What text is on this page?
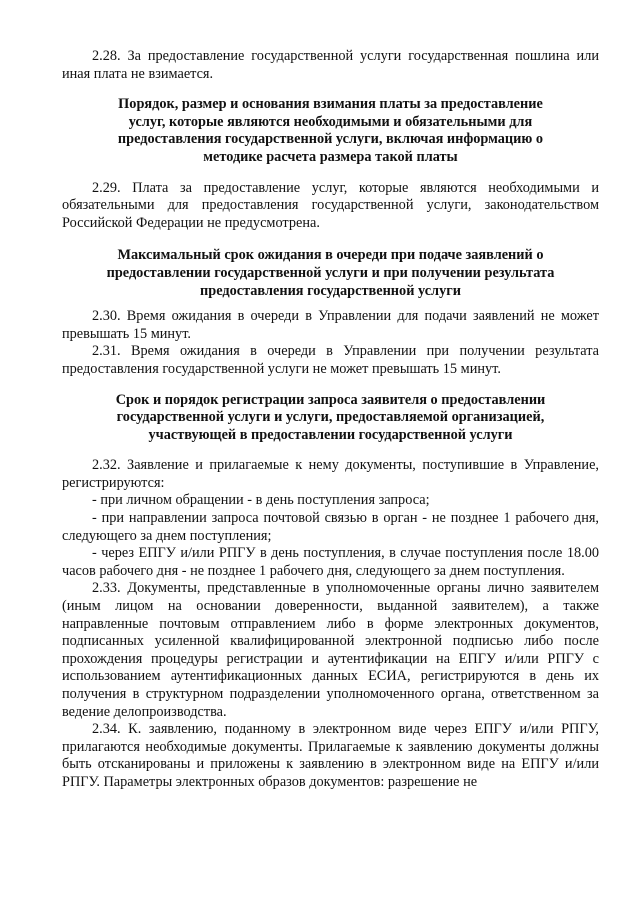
2.28. За предоставление государственной услуги государственная пошлина или иная плата не взимается.

Порядок, размер и основания взимания платы за предоставление услуг, которые являются необходимыми и обязательными для предоставления государственной услуги, включая информацию о методике расчета размера такой платы

2.29. Плата за предоставление услуг, которые являются необходимыми и обязательными для предоставления государственной услуги, законодательством Российской Федерации не предусмотрена.

Максимальный срок ожидания в очереди при подаче заявлений о предоставлении государственной услуги и при получении результата предоставления государственной услуги

2.30. Время ожидания в очереди в Управлении для подачи заявлений не может превышать 15 минут.

2.31. Время ожидания в очереди в Управлении при получении результата предоставления государственной услуги не может превышать 15 минут.

Срок и порядок регистрации запроса заявителя о предоставлении государственной услуги и услуги, предоставляемой организацией, участвующей в предоставлении государственной услуги

2.32. Заявление и прилагаемые к нему документы, поступившие в Управление, регистрируются:

- при личном обращении - в день поступления запроса;

- при направлении запроса почтовой связью в орган - не позднее 1 рабочего дня, следующего за днем поступления;

- через ЕПГУ и/или РПГУ в день поступления, в случае поступления после 18.00 часов рабочего дня - не позднее 1 рабочего дня, следующего за днем поступления.

2.33. Документы, представленные в уполномоченные органы лично заявителем (иным лицом на основании доверенности, выданной заявителем), а также направленные почтовым отправлением либо в форме электронных документов, подписанных усиленной квалифицированной электронной подписью либо после прохождения процедуры регистрации и аутентификации на ЕПГУ и/или РПГУ с использованием аутентификационных данных ЕСИА, регистрируются в день их получения в структурном подразделении уполномоченного органа, ответственном за ведение делопроизводства.

2.34. К. заявлению, поданному в электронном виде через ЕПГУ и/или РПГУ, прилагаются необходимые документы. Прилагаемые к заявлению документы должны быть отсканированы и приложены к заявлению в электронном виде на ЕПГУ и/или РПГУ. Параметры электронных образов документов: разрешение не
